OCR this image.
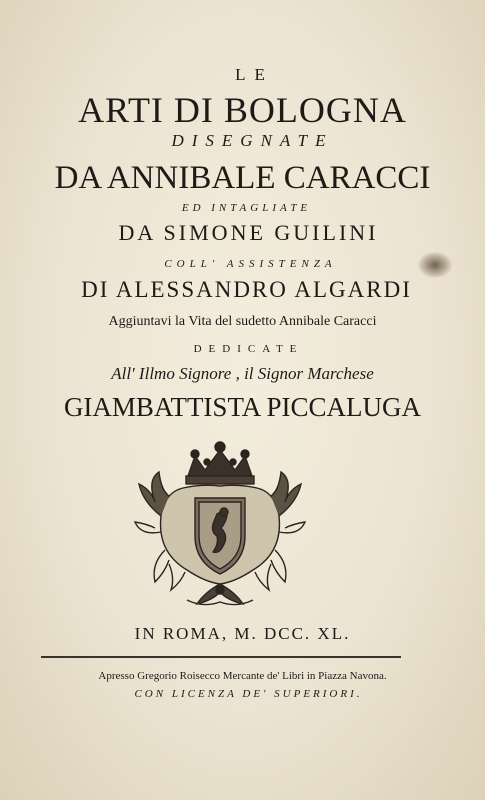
LE
ARTI DI BOLOGNA
DISEGNATE
DA ANNIBALE CARACCI
ED INTAGLIATE
DA SIMONE GUILINI
COLL' ASSISTENZA
DI ALESSANDRO ALGARDI
Aggiuntavi la Vita del sudetto Annibale Caracci
DEDICATE
All' Illmo Signore , il Signor Marchese
GIAMBATTISTA PICCALUGA
IN ROMA, M. DCC. XL.
Apresso Gregorio Roisecco Mercante de' Libri in Piazza Navona.
CON LICENZA DE' SUPERIORI.
